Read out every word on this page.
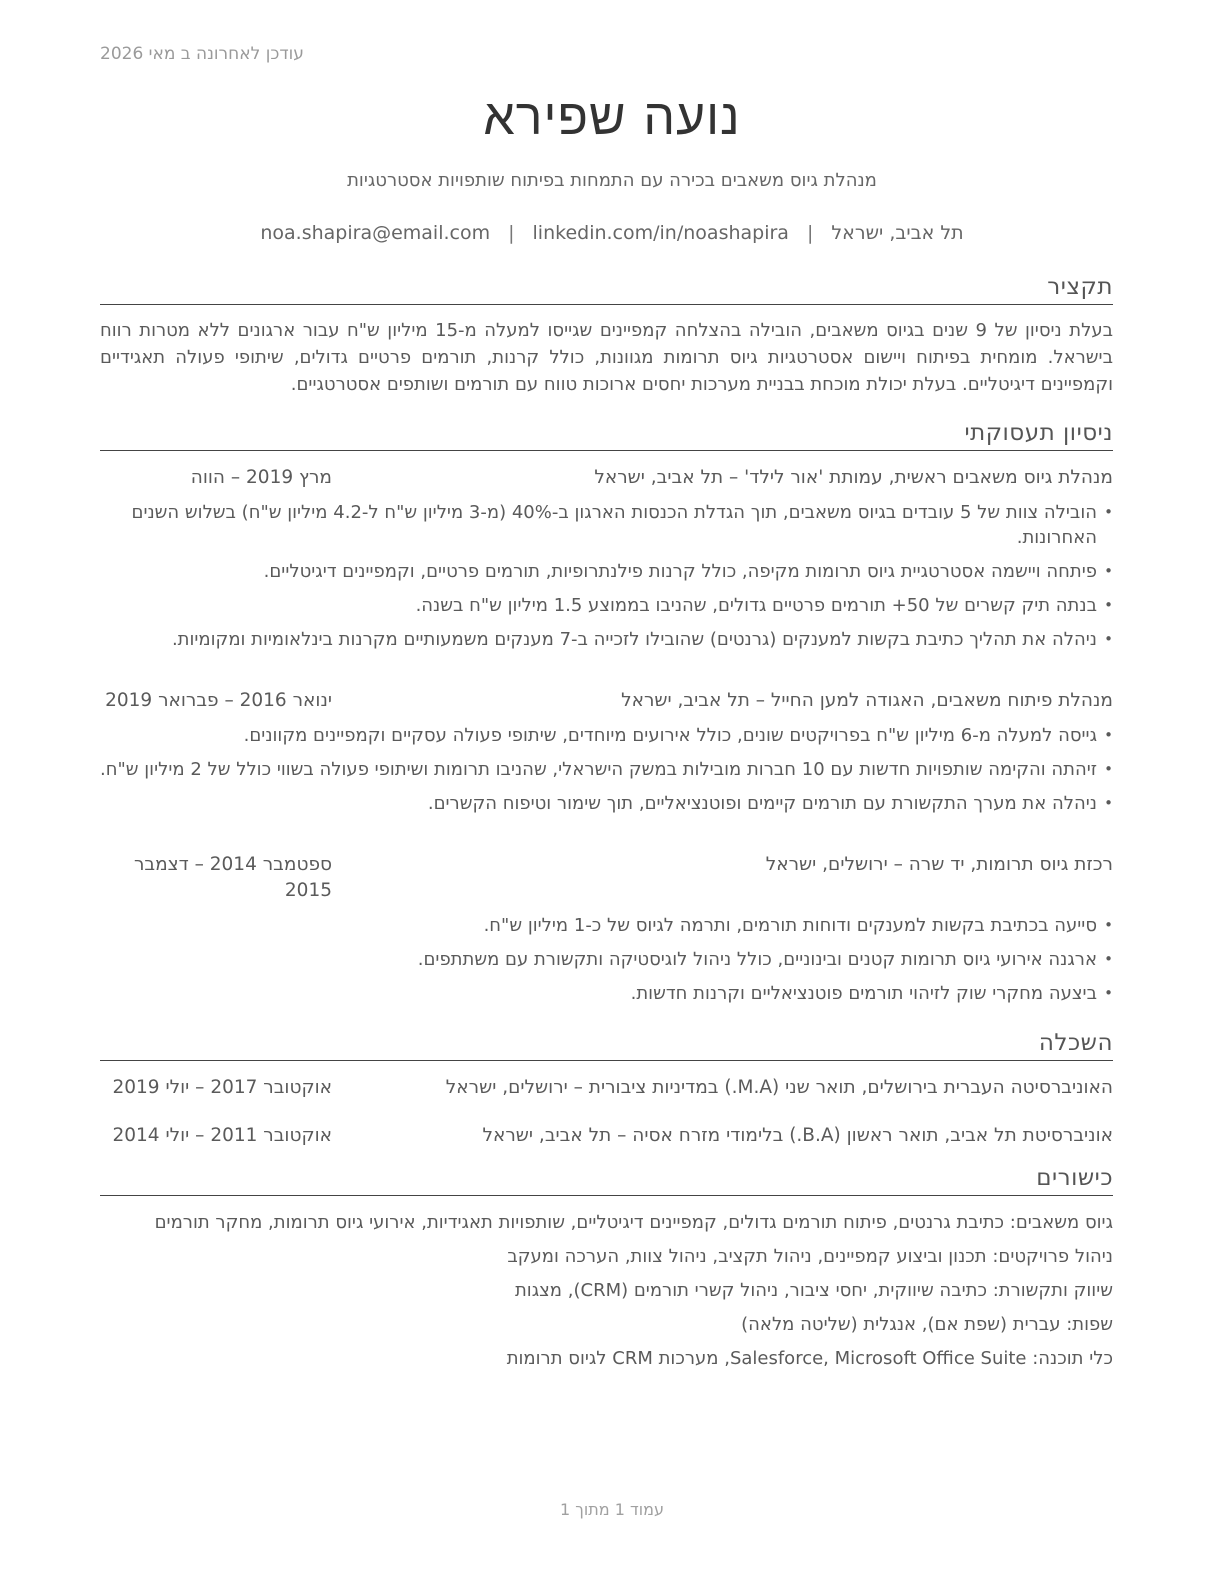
עודכן לאחרונה ב מאי 2026
נועה שפירא
מנהלת גיוס משאבים בכירה עם התמחות בפיתוח שותפויות אסטרטגיות
תל אביב, ישראל|noa.shapira@email.com | linkedin.com/in/noashapira
תקציר

בעלת ניסיון של 9 שנים בגיוס משאבים, הובילה בהצלחה קמפיינים שגייסו למעלה מ-15 מיליון ש"ח עבור ארגונים ללא מטרות רווח בישראל. מומחית בפיתוח ויישום אסטרטגיות גיוס תרומות מגוונות, כולל קרנות, תורמים פרטיים גדולים, שיתופי פעולה תאגידיים וקמפיינים דיגיטליים. בעלת יכולת מוכחת בבניית מערכות יחסים ארוכות טווח עם תורמים ושותפים אסטרטגיים.

ניסיון תעסוקתי
מנהלת גיוס משאבים ראשית, עמותת 'אור לילד' – תל אביב, ישראל
מרץ 2019 – הווה
• הובילה צוות של 5 עובדים בגיוס משאבים, תוך הגדלת הכנסות הארגון ב-40% (מ-3 מיליון ש"ח ל-4.2 מיליון ש"ח) בשלוש השנים האחרונות.
• פיתחה ויישמה אסטרטגיית גיוס תרומות מקיפה, כולל קרנות פילנתרופיות, תורמים פרטיים, וקמפיינים דיגיטליים.
• בנתה תיק קשרים של 50+ תורמים פרטיים גדולים, שהניבו בממוצע 1.5 מיליון ש"ח בשנה.
• ניהלה את תהליך כתיבת בקשות למענקים (גרנטים) שהובילו לזכייה ב-7 מענקים משמעותיים מקרנות בינלאומיות ומקומיות.
מנהלת פיתוח משאבים, האגודה למען החייל – תל אביב, ישראל
ינואר 2016 – פברואר 2019
• גייסה למעלה מ-6 מיליון ש"ח בפרויקטים שונים, כולל אירועים מיוחדים, שיתופי פעולה עסקיים וקמפיינים מקוונים.
• זיהתה והקימה שותפויות חדשות עם 10 חברות מובילות במשק הישראלי, שהניבו תרומות ושיתופי פעולה בשווי כולל של 2 מיליון ש"ח.
• ניהלה את מערך התקשורת עם תורמים קיימים ופוטנציאליים, תוך שימור וטיפוח הקשרים.
רכזת גיוס תרומות, יד שרה – ירושלים, ישראל
ספטמבר 2014 – דצמבר 2015
• סייעה בכתיבת בקשות למענקים ודוחות תורמים, ותרמה לגיוס של כ-1 מיליון ש"ח.
• ארגנה אירועי גיוס תרומות קטנים ובינוניים, כולל ניהול לוגיסטיקה ותקשורת עם משתתפים.
• ביצעה מחקרי שוק לזיהוי תורמים פוטנציאליים וקרנות חדשות.
השכלה
האוניברסיטה העברית בירושלים, תואר שני (M.A.) במדיניות ציבורית – ירושלים, ישראל
אוקטובר 2017 – יולי 2019
אוניברסיטת תל אביב, תואר ראשון (B.A.) בלימודי מזרח אסיה – תל אביב, ישראל
אוקטובר 2011 – יולי 2014
כישורים

גיוס משאבים: כתיבת גרנטים, פיתוח תורמים גדולים, קמפיינים דיגיטליים, שותפויות תאגידיות, אירועי גיוס תרומות, מחקר תורמים

ניהול פרויקטים: תכנון וביצוע קמפיינים, ניהול תקציב, ניהול צוות, הערכה ומעקב

שיווק ותקשורת: כתיבה שיווקית, יחסי ציבור, ניהול קשרי תורמים (CRM), מצגות

שפות: עברית (שפת אם), אנגלית (שליטה מלאה)

כלי תוכנה: Salesforce, Microsoft Office Suite, מערכות CRM לגיוס תרומות

עמוד 1 מתוך 1
